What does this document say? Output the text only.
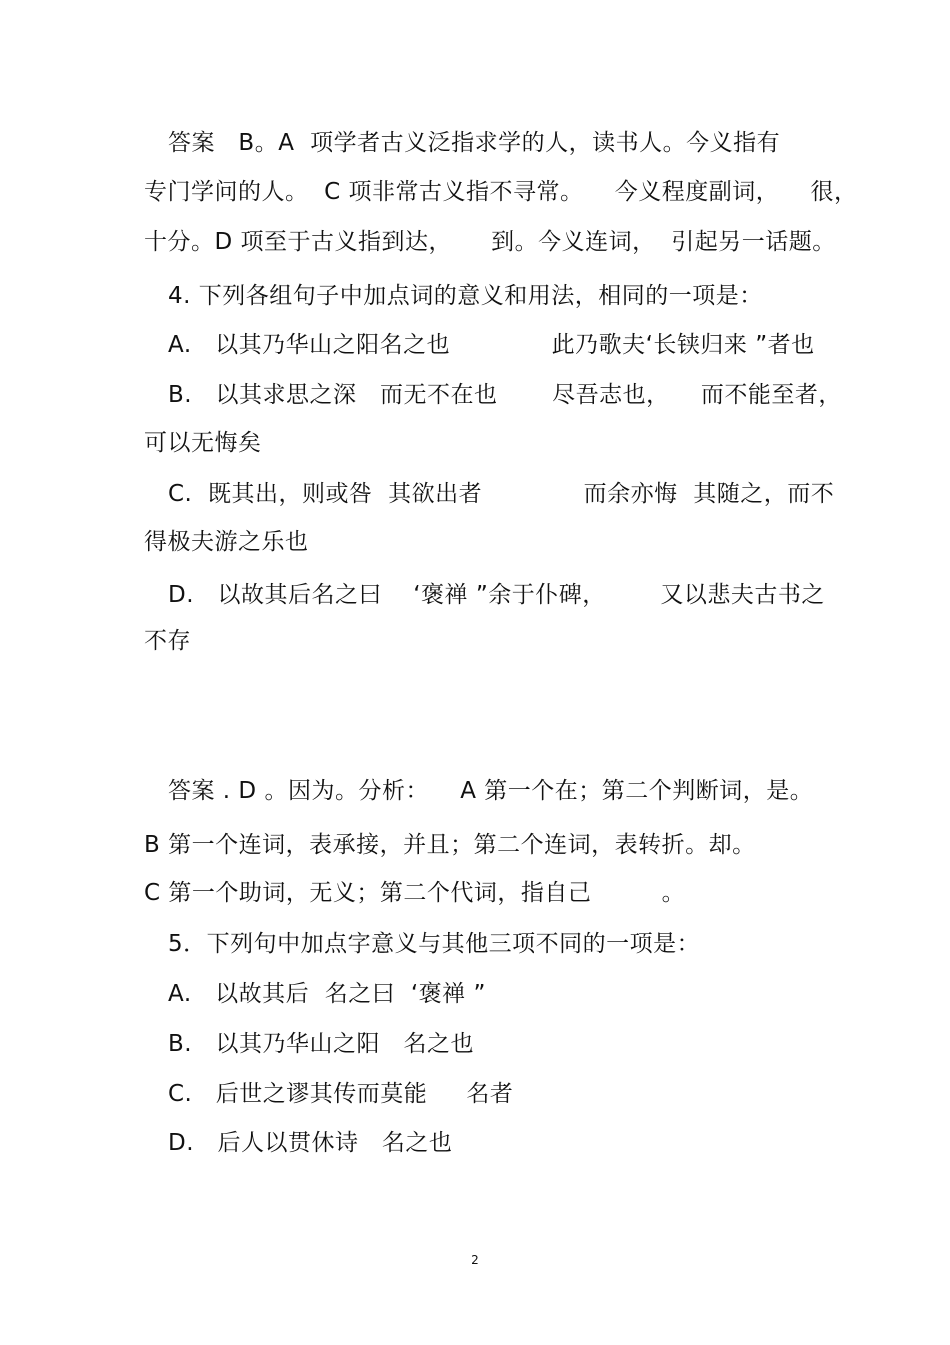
答案   B。A  项学者古义泛指求学的人，读书人。今义指有
专门学问的人。  C 项非常古义指不寻常。    今义程度副词，    很，
十分。D 项至于古义指到达，     到。今义连词，  引起另一话题。
4. 下列各组句子中加点词的意义和用法，相同的一项是：
A.   以其乃华山之阳名之也             此乃歌夫‘长铗归来 ”者也
B.   以其求思之深   而无不在也       尽吾志也，    而不能至者，
可以无悔矣
C.  既其出，则或咎  其欲出者             而余亦悔  其随之，而不
得极夫游之乐也
D.   以故其后名之曰    ‘褒禅 ”余于仆碑，       又以悲夫古书之
不存
答案 . D 。因为。分析：    A 第一个在；第二个判断词，是。
B 第一个连词，表承接，并且；第二个连词，表转折。却。
C 第一个助词，无义；第二个代词，指自己         。
5．下列句中加点字意义与其他三项不同的一项是：
A.   以故其后  名之曰  ‘褒禅 ”
B.   以其乃华山之阳   名之也
C.   后世之谬其传而莫能     名者
D.   后人以贯休诗   名之也
2
